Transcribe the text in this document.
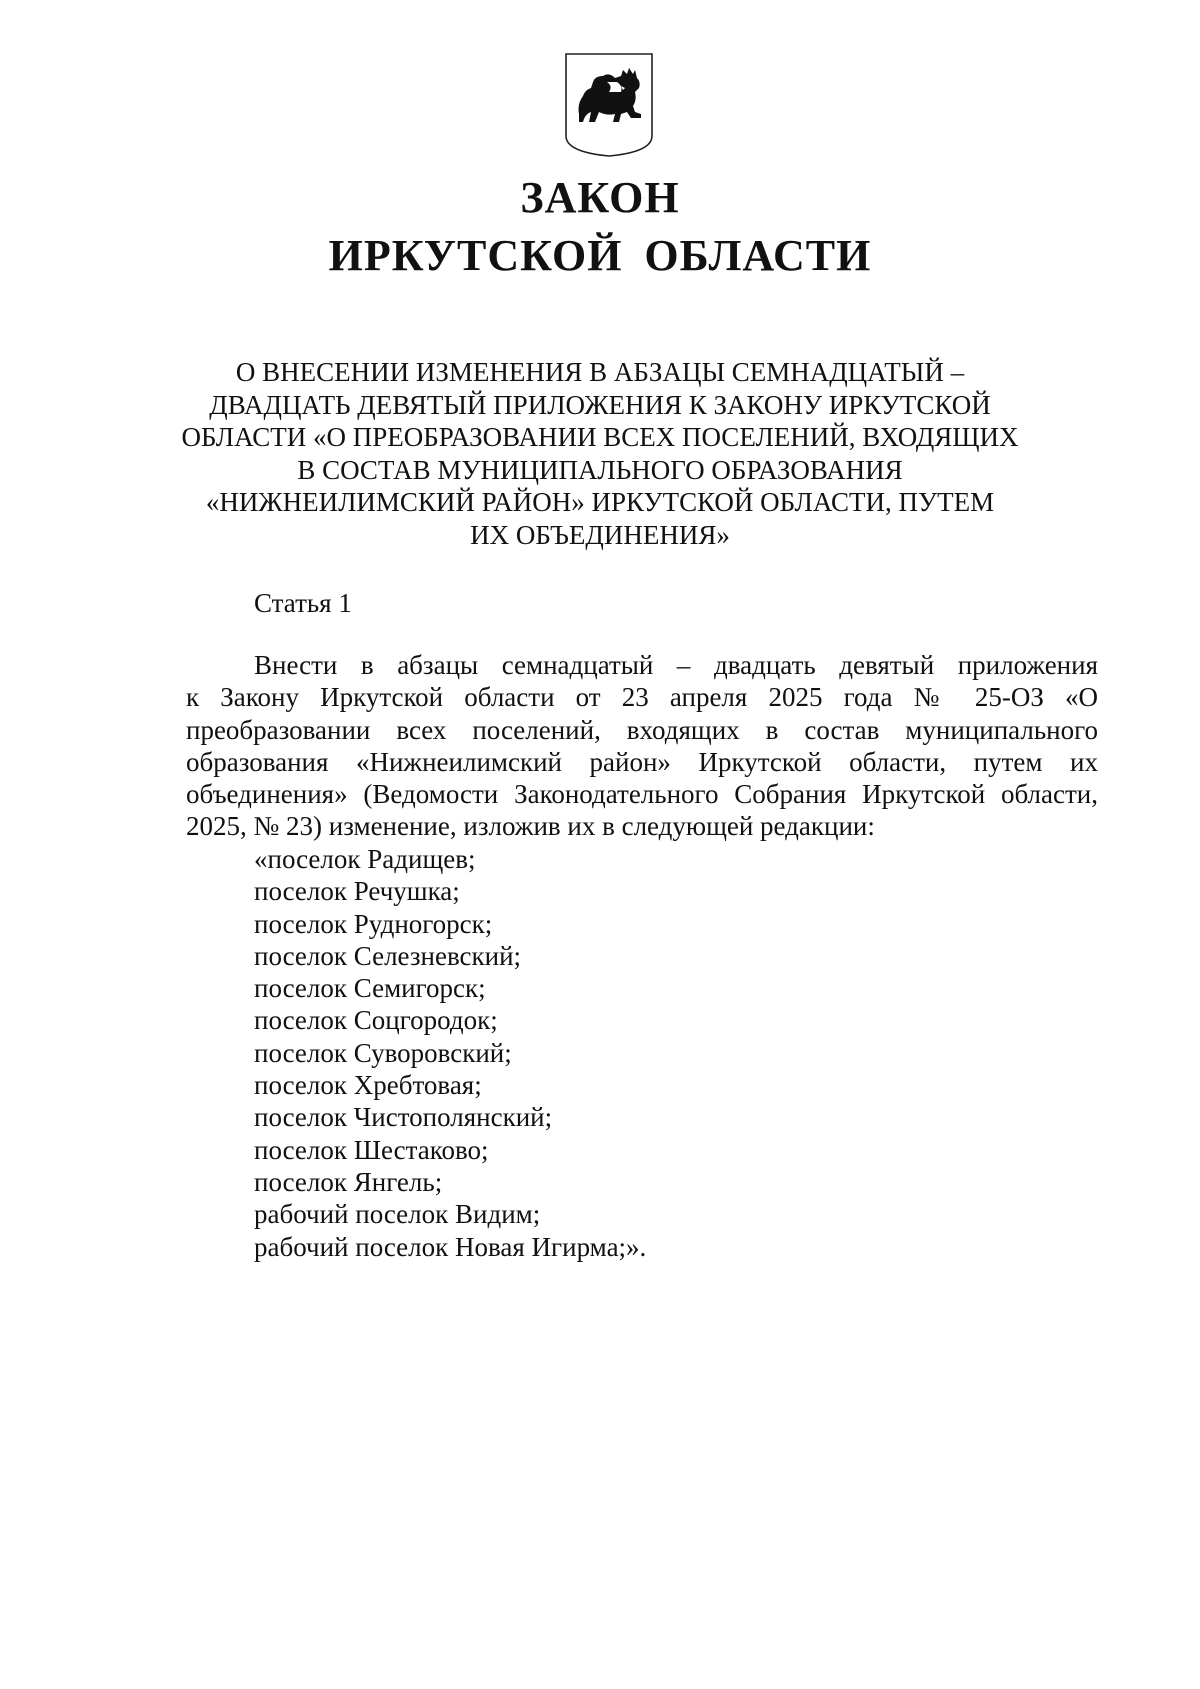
ЗАКОН
ИРКУТСКОЙ ОБЛАСТИ
О ВНЕСЕНИИ ИЗМЕНЕНИЯ В АБЗАЦЫ СЕМНАДЦАТЫЙ –
ДВАДЦАТЬ ДЕВЯТЫЙ ПРИЛОЖЕНИЯ К ЗАКОНУ ИРКУТСКОЙ
ОБЛАСТИ «О ПРЕОБРАЗОВАНИИ ВСЕХ ПОСЕЛЕНИЙ, ВХОДЯЩИХ
В СОСТАВ МУНИЦИПАЛЬНОГО ОБРАЗОВАНИЯ
«НИЖНЕИЛИМСКИЙ РАЙОН» ИРКУТСКОЙ ОБЛАСТИ, ПУТЕМ
ИХ ОБЪЕДИНЕНИЯ»
Статья 1
Внести в абзацы семнадцатый – двадцать девятый приложения
к Закону Иркутской области от 23 апреля 2025 года № 25-ОЗ «О
преобразовании всех поселений, входящих в состав муниципального
образования «Нижнеилимский район» Иркутской области, путем их
объединения» (Ведомости Законодательного Собрания Иркутской области,
2025, № 23) изменение, изложив их в следующей редакции:
«поселок Радищев;
поселок Речушка;
поселок Рудногорск;
поселок Селезневский;
поселок Семигорск;
поселок Соцгородок;
поселок Суворовский;
поселок Хребтовая;
поселок Чистополянский;
поселок Шестаково;
поселок Янгель;
рабочий поселок Видим;
рабочий поселок Новая Игирма;».
